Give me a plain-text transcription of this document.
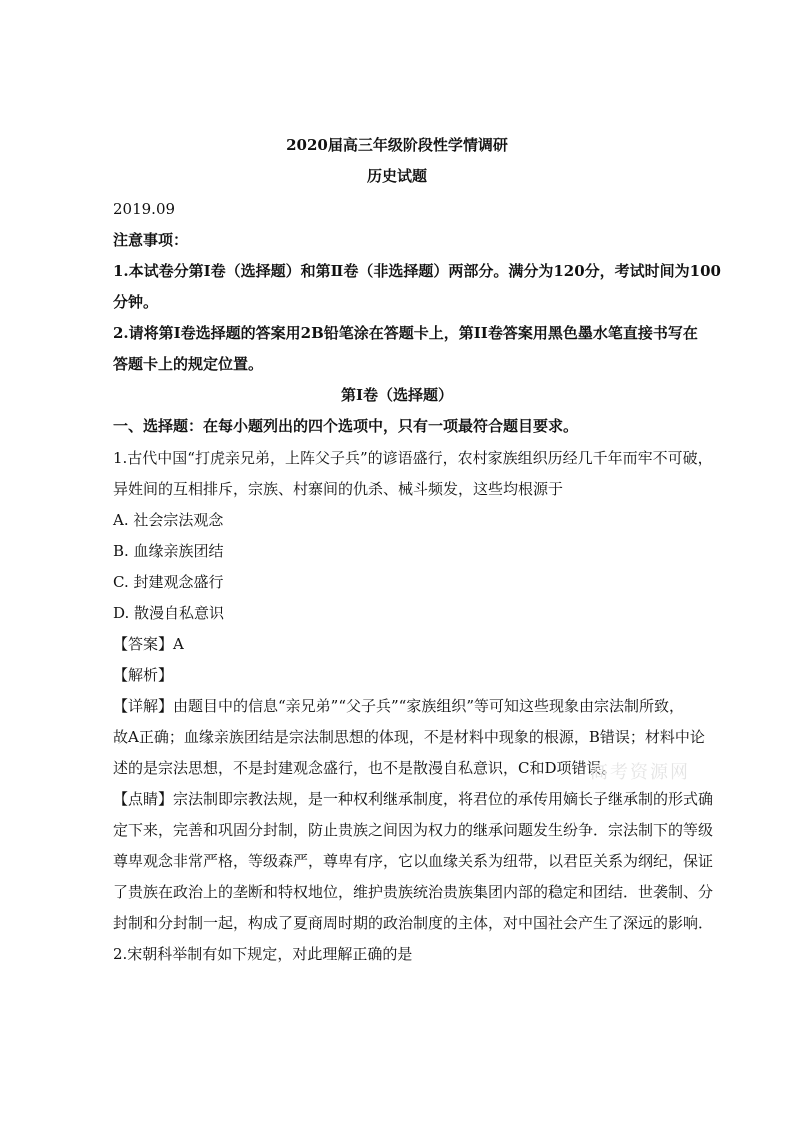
2020届高三年级阶段性学情调研
历史试题
2019.09
注意事项：
1.本试卷分第Ⅰ卷（选择题）和第Ⅱ卷（非选择题）两部分。满分为120分，考试时间为100
分钟。
2.请将第Ⅰ卷选择题的答案用2B铅笔涂在答题卡上，第II卷答案用黑色墨水笔直接书写在
答题卡上的规定位置。
第Ⅰ卷（选择题）
一、选择题：在每小题列出的四个选项中，只有一项最符合题目要求。
1.古代中国“打虎亲兄弟，上阵父子兵”的谚语盛行，农村家族组织历经几千年而牢不可破，
异姓间的互相排斥，宗族、村寨间的仇杀、械斗频发，这些均根源于
A. 社会宗法观念
B. 血缘亲族团结
C. 封建观念盛行
D. 散漫自私意识
【答案】A
【解析】
【详解】由题目中的信息“亲兄弟”“父子兵”“家族组织”等可知这些现象由宗法制所致，
故A正确；血缘亲族团结是宗法制思想的体现，不是材料中现象的根源，B错误；材料中论
述的是宗法思想，不是封建观念盛行，也不是散漫自私意识，C和D项错误。
【点睛】宗法制即宗教法规，是一种权利继承制度，将君位的承传用嫡长子继承制的形式确
定下来，完善和巩固分封制，防止贵族之间因为权力的继承问题发生纷争．宗法制下的等级
尊卑观念非常严格，等级森严，尊卑有序，它以血缘关系为纽带，以君臣关系为纲纪，保证
了贵族在政治上的垄断和特权地位，维护贵族统治贵族集团内部的稳定和团结．世袭制、分
封制和分封制一起，构成了夏商周时期的政治制度的主体，对中国社会产生了深远的影响．
2.宋朝科举制有如下规定，对此理解正确的是
高考资源网
